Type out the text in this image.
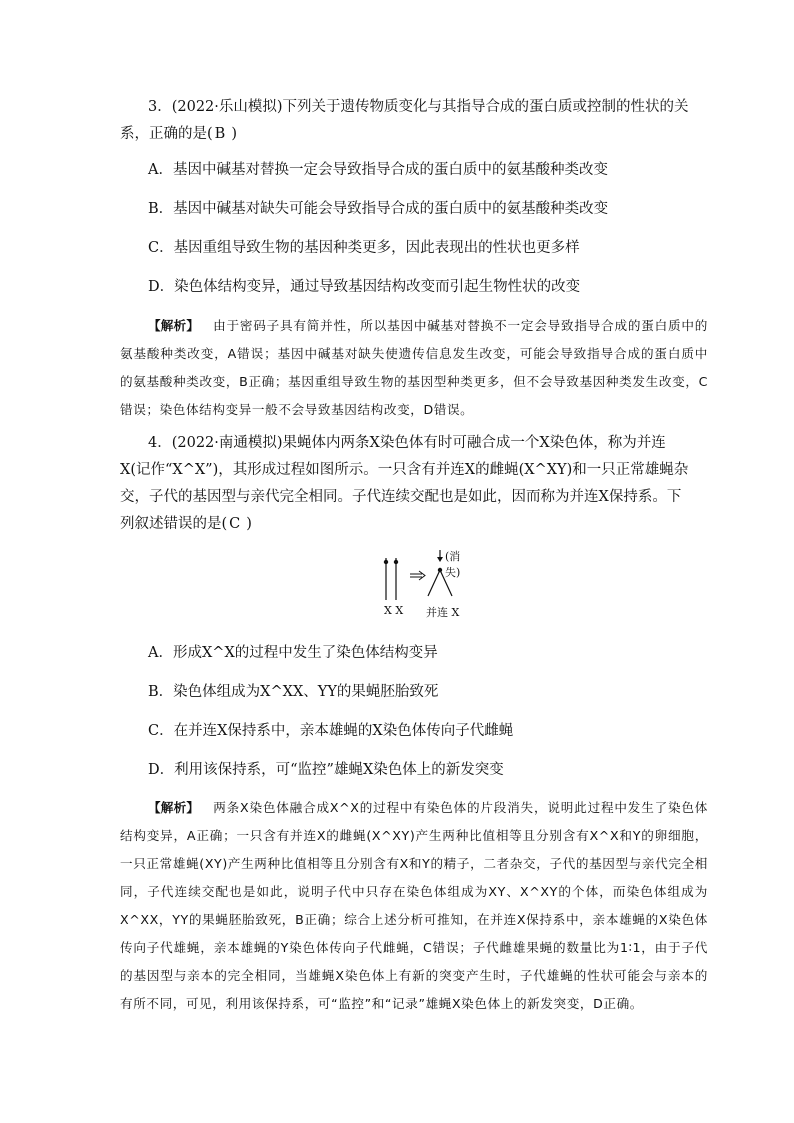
3．(2022·乐山模拟)下列关于遗传物质变化与其指导合成的蛋白质或控制的性状的关系，正确的是( B )
A．基因中碱基对替换一定会导致指导合成的蛋白质中的氨基酸种类改变
B．基因中碱基对缺失可能会导致指导合成的蛋白质中的氨基酸种类改变
C．基因重组导致生物的基因种类更多，因此表现出的性状也更多样
D．染色体结构变异，通过导致基因结构改变而引起生物性状的改变
【解析】 由于密码子具有简并性，所以基因中碱基对替换不一定会导致指导合成的蛋白质中的氨基酸种类改变，A错误；基因中碱基对缺失使遗传信息发生改变，可能会导致指导合成的蛋白质中的氨基酸种类改变，B正确；基因重组导致生物的基因型种类更多，但不会导致基因种类发生改变，C错误；染色体结构变异一般不会导致基因结构改变，D错误。
4．(2022·南通模拟)果蝇体内两条X染色体有时可融合成一个X染色体，称为并连X(记作“X^X”)，其形成过程如图所示。一只含有并连X的雌蝇(X^XY)和一只正常雄蝇杂交，子代的基因型与亲代完全相同。子代连续交配也是如此，因而称为并连X保持系。下列叙述错误的是( C )
(消失)
X X 并连 X
A．形成X^X的过程中发生了染色体结构变异
B．染色体组成为X^XX、YY的果蝇胚胎致死
C．在并连X保持系中，亲本雄蝇的X染色体传向子代雌蝇
D．利用该保持系，可“监控”雄蝇X染色体上的新发突变
【解析】 两条X染色体融合成X^X的过程中有染色体的片段消失，说明此过程中发生了染色体结构变异，A正确；一只含有并连X的雌蝇(X^XY)产生两种比值相等且分别含有X^X和Y的卵细胞，一只正常雄蝇(XY)产生两种比值相等且分别含有X和Y的精子，二者杂交，子代的基因型与亲代完全相同，子代连续交配也是如此，说明子代中只存在染色体组成为XY、X^XY的个体，而染色体组成为X^XX，YY的果蝇胚胎致死，B正确；综合上述分析可推知，在并连X保持系中，亲本雄蝇的X染色体传向子代雄蝇，亲本雄蝇的Y染色体传向子代雌蝇，C错误；子代雌雄果蝇的数量比为1∶1，由于子代的基因型与亲本的完全相同，当雄蝇X染色体上有新的突变产生时，子代雄蝇的性状可能会与亲本的有所不同，可见，利用该保持系，可“监控”和“记录”雄蝇X染色体上的新发突变，D正确。
